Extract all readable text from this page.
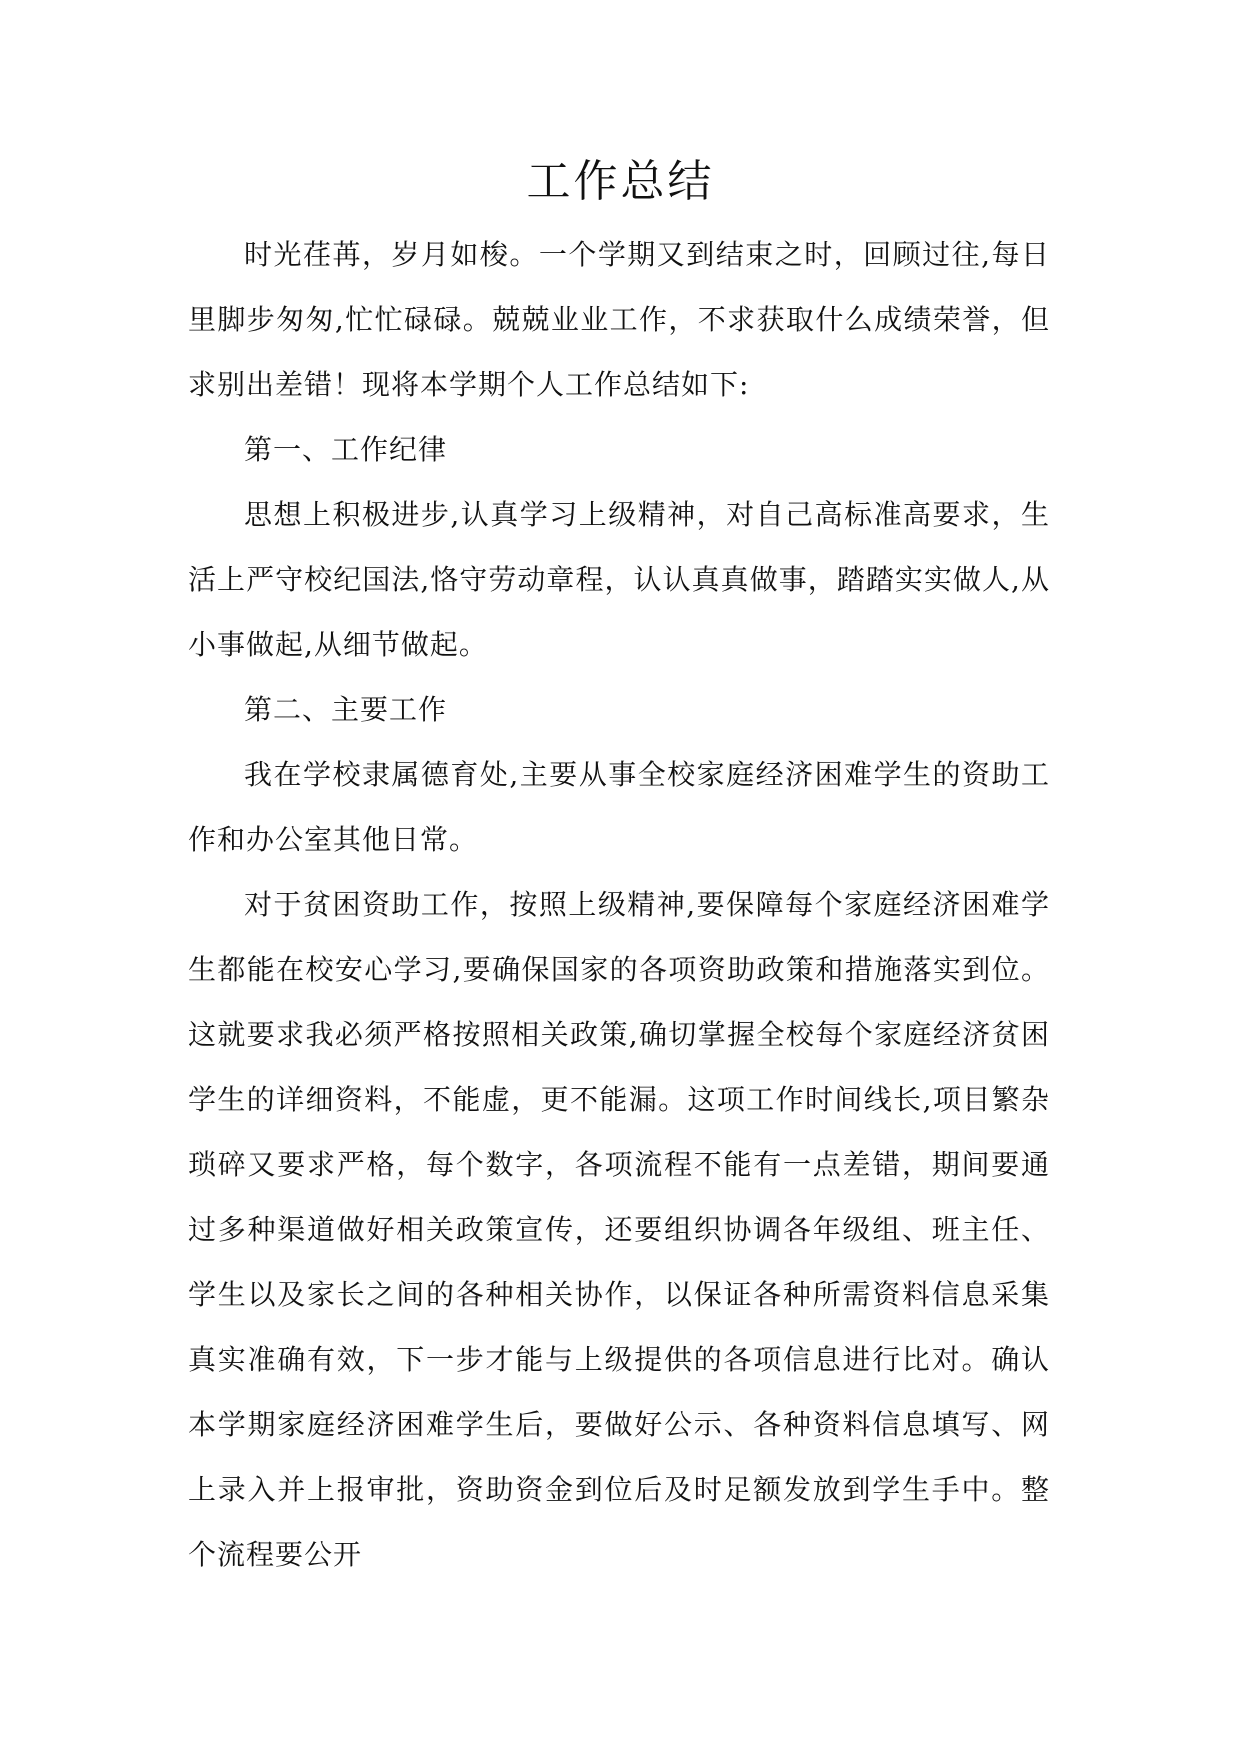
工作总结

时光荏苒，岁月如梭。一个学期又到结束之时，回顾过往,每日里脚步匆匆,忙忙碌碌。兢兢业业工作，不求获取什么成绩荣誉，但求别出差错！现将本学期个人工作总结如下:

第一、工作纪律

思想上积极进步,认真学习上级精神，对自己高标准高要求，生活上严守校纪国法,恪守劳动章程，认认真真做事，踏踏实实做人,从小事做起,从细节做起。

第二、主要工作

我在学校隶属德育处,主要从事全校家庭经济困难学生的资助工作和办公室其他日常。

对于贫困资助工作，按照上级精神,要保障每个家庭经济困难学生都能在校安心学习,要确保国家的各项资助政策和措施落实到位。这就要求我必须严格按照相关政策,确切掌握全校每个家庭经济贫困学生的详细资料，不能虚，更不能漏。这项工作时间线长,项目繁杂琐碎又要求严格，每个数字，各项流程不能有一点差错，期间要通过多种渠道做好相关政策宣传，还要组织协调各年级组、班主任、学生以及家长之间的各种相关协作，以保证各种所需资料信息采集真实准确有效，下一步才能与上级提供的各项信息进行比对。确认本学期家庭经济困难学生后，要做好公示、各种资料信息填写、网上录入并上报审批，资助资金到位后及时足额发放到学生手中。整个流程要公开
